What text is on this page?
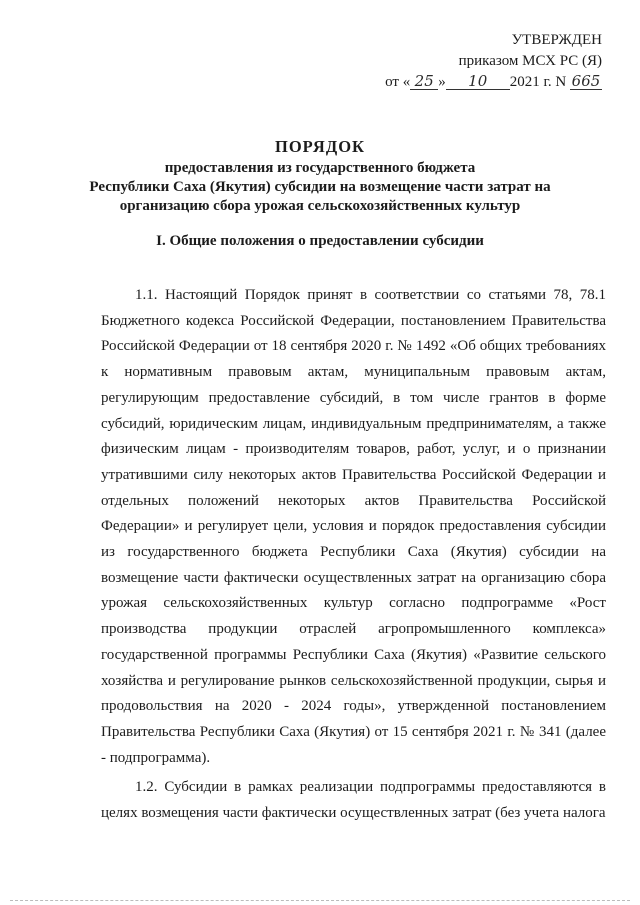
УТВЕРЖДЕН
приказом МСХ РС (Я)
от « 25 » 10 2021 г. N 665
ПОРЯДОК
предоставления из государственного бюджета
Республики Саха (Якутия) субсидии на возмещение части затрат на
организацию сбора урожая сельскохозяйственных культур
I. Общие положения о предоставлении субсидии

1.1. Настоящий Порядок принят в соответствии со статьями 78, 78.1 Бюджетного кодекса Российской Федерации, постановлением Правительства Российской Федерации от 18 сентября 2020 г. № 1492 «Об общих требованиях к нормативным правовым актам, муниципальным правовым актам, регулирующим предоставление субсидий, в том числе грантов в форме субсидий, юридическим лицам, индивидуальным предпринимателям, а также физическим лицам - производителям товаров, работ, услуг, и о признании утратившими силу некоторых актов Правительства Российской Федерации и отдельных положений некоторых актов Правительства Российской Федерации» и регулирует цели, условия и порядок предоставления субсидии из государственного бюджета Республики Саха (Якутия) субсидии на возмещение части фактически осуществленных затрат на организацию сбора урожая сельскохозяйственных культур согласно подпрограмме «Рост производства продукции отраслей агропромышленного комплекса» государственной программы Республики Саха (Якутия) «Развитие сельского хозяйства и регулирование рынков сельскохозяйственной продукции, сырья и продовольствия на 2020 - 2024 годы», утвержденной постановлением Правительства Республики Саха (Якутия) от 15 сентября 2021 г. № 341 (далее - подпрограмма).

1.2. Субсидии в рамках реализации подпрограммы предоставляются в целях возмещения части фактически осуществленных затрат (без учета налога
